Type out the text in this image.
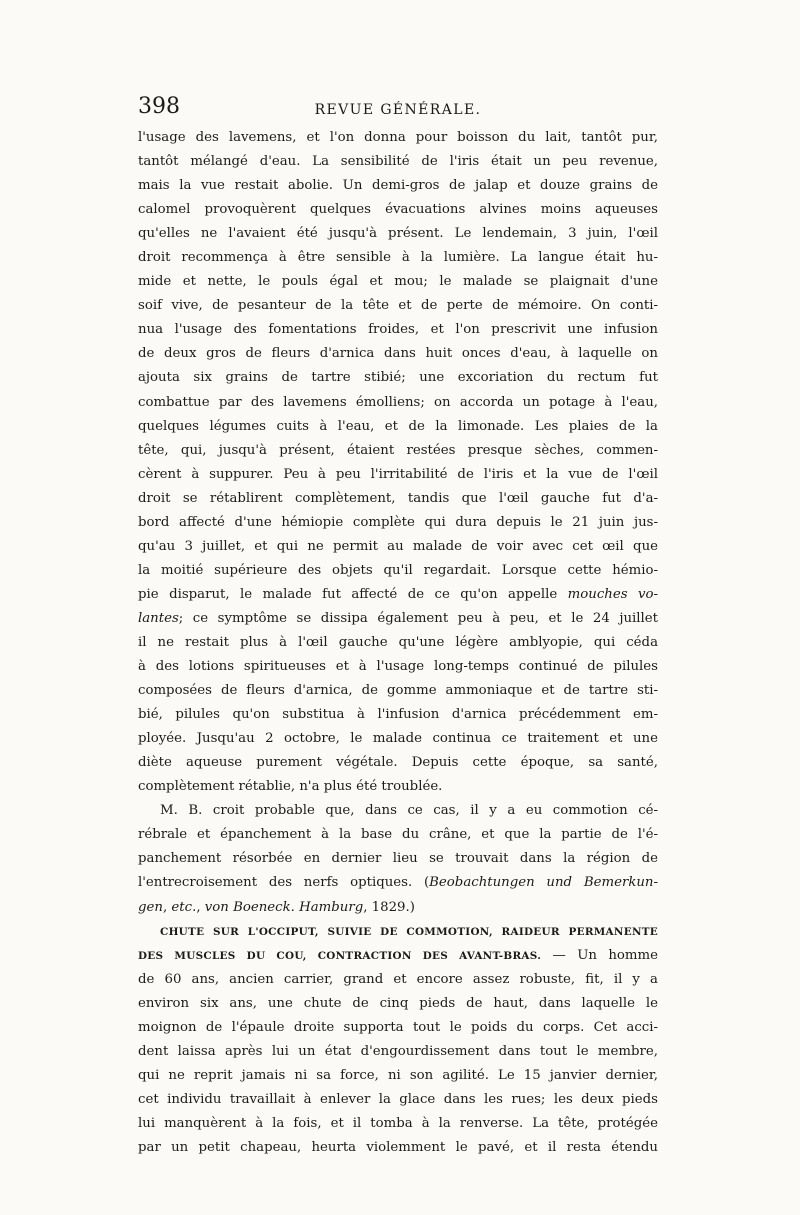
398	REVUE GÉNÉRALE.
l'usage des lavemens, et l'on donna pour boisson du lait, tantôt pur,
tantôt mélangé d'eau. La sensibilité de l'iris était un peu revenue,
mais la vue restait abolie. Un demi-gros de jalap et douze grains de
calomel provoquèrent quelques évacuations alvines moins aqueuses
qu'elles ne l'avaient été jusqu'à présent. Le lendemain, 3 juin, l'œil
droit recommença à être sensible à la lumière. La langue était hu-
mide et nette, le pouls égal et mou; le malade se plaignait d'une
soif vive, de pesanteur de la tête et de perte de mémoire. On conti-
nua l'usage des fomentations froides, et l'on prescrivit une infusion
de deux gros de fleurs d'arnica dans huit onces d'eau, à laquelle on
ajouta six grains de tartre stibié; une excoriation du rectum fut
combattue par des lavemens émolliens; on accorda un potage à l'eau,
quelques légumes cuits à l'eau, et de la limonade. Les plaies de la
tête, qui, jusqu'à présent, étaient restées presque sèches, commen-
cèrent à suppurer. Peu à peu l'irritabilité de l'iris et la vue de l'œil
droit se rétablirent complètement, tandis que l'œil gauche fut d'a-
bord affecté d'une hémiopie complète qui dura depuis le 21 juin jus-
qu'au 3 juillet, et qui ne permit au malade de voir avec cet œil que
la moitié supérieure des objets qu'il regardait. Lorsque cette hémio-
pie disparut, le malade fut affecté de ce qu'on appelle mouches vo-
lantes; ce symptôme se dissipa également peu à peu, et le 24 juillet
il ne restait plus à l'œil gauche qu'une légère amblyopie, qui céda
à des lotions spiritueuses et à l'usage long-temps continué de pilules
composées de fleurs d'arnica, de gomme ammoniaque et de tartre sti-
bié, pilules qu'on substitua à l'infusion d'arnica précédemment em-
ployée. Jusqu'au 2 octobre, le malade continua ce traitement et une
diète aqueuse purement végétale. Depuis cette époque, sa santé,
complètement rétablie, n'a plus été troublée.
M. B. croit probable que, dans ce cas, il y a eu commotion cé-
rébrale et épanchement à la base du crâne, et que la partie de l'é-
panchement résorbée en dernier lieu se trouvait dans la région de
l'entrecroisement des nerfs optiques. (Beobachtungen und Bemerkun-
gen, etc., von Boeneck. Hamburg, 1829.)
CHUTE SUR L'OCCIPUT, SUIVIE DE COMMOTION, RAIDEUR PERMANENTE
DES MUSCLES DU COU, CONTRACTION DES AVANT-BRAS. — Un homme
de 60 ans, ancien carrier, grand et encore assez robuste, fit, il y a
environ six ans, une chute de cinq pieds de haut, dans laquelle le
moignon de l'épaule droite supporta tout le poids du corps. Cet acci-
dent laissa après lui un état d'engourdissement dans tout le membre,
qui ne reprit jamais ni sa force, ni son agilité. Le 15 janvier dernier,
cet individu travaillait à enlever la glace dans les rues; les deux pieds
lui manquèrent à la fois, et il tomba à la renverse. La tête, protégée
par un petit chapeau, heurta violemment le pavé, et il resta étendu
